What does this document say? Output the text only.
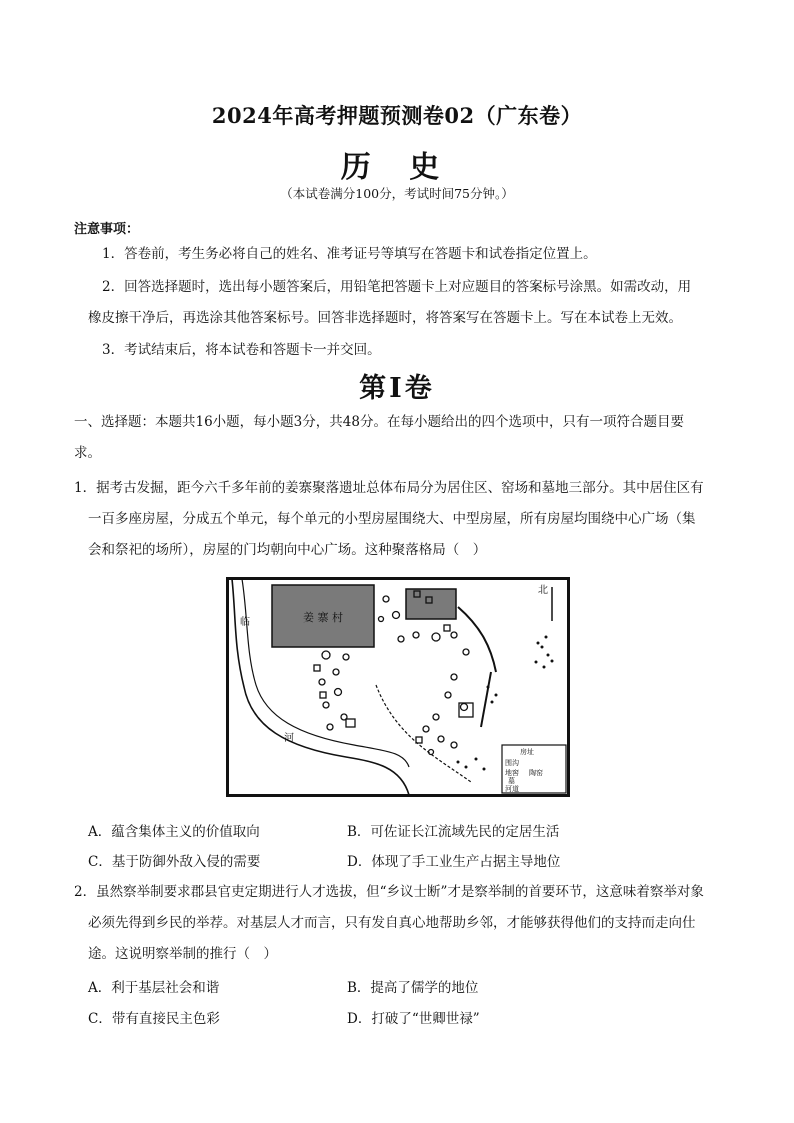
2024年高考押题预测卷02（广东卷）
历 史
（本试卷满分100分，考试时间75分钟。）
注意事项：
1．答卷前，考生务必将自己的姓名、准考证号等填写在答题卡和试卷指定位置上。
2．回答选择题时，选出每小题答案后，用铅笔把答题卡上对应题目的答案标号涂黑。如需改动，用
橡皮擦干净后，再选涂其他答案标号。回答非选择题时，将答案写在答题卡上。写在本试卷上无效。
3．考试结束后，将本试卷和答题卡一并交回。
第Ⅰ卷
一、选择题：本题共16小题，每小题3分，共48分。在每小题给出的四个选项中，只有一项符合题目要
求。
1．据考古发掘，距今六千多年前的姜寨聚落遗址总体布局分为居住区、窑场和墓地三部分。其中居住区有
一百多座房屋，分成五个单元，每个单元的小型房屋围绕大、中型房屋，所有房屋均围绕中心广场（集
会和祭祀的场所），房屋的门均朝向中心广场。这种聚落格局（　）
姜 寨 村
北
临
河
房址
围沟
地窖 陶窑
墓
河道
A．蕴含集体主义的价值取向	B．可佐证长江流域先民的定居生活
C．基于防御外敌入侵的需要	D．体现了手工业生产占据主导地位
2．虽然察举制要求郡县官吏定期进行人才选拔，但“乡议士断”才是察举制的首要环节，这意味着察举对象
必须先得到乡民的举荐。对基层人才而言，只有发自真心地帮助乡邻，才能够获得他们的支持而走向仕
途。这说明察举制的推行（　）
A．利于基层社会和谐	B．提高了儒学的地位
C．带有直接民主色彩	D．打破了“世卿世禄”
